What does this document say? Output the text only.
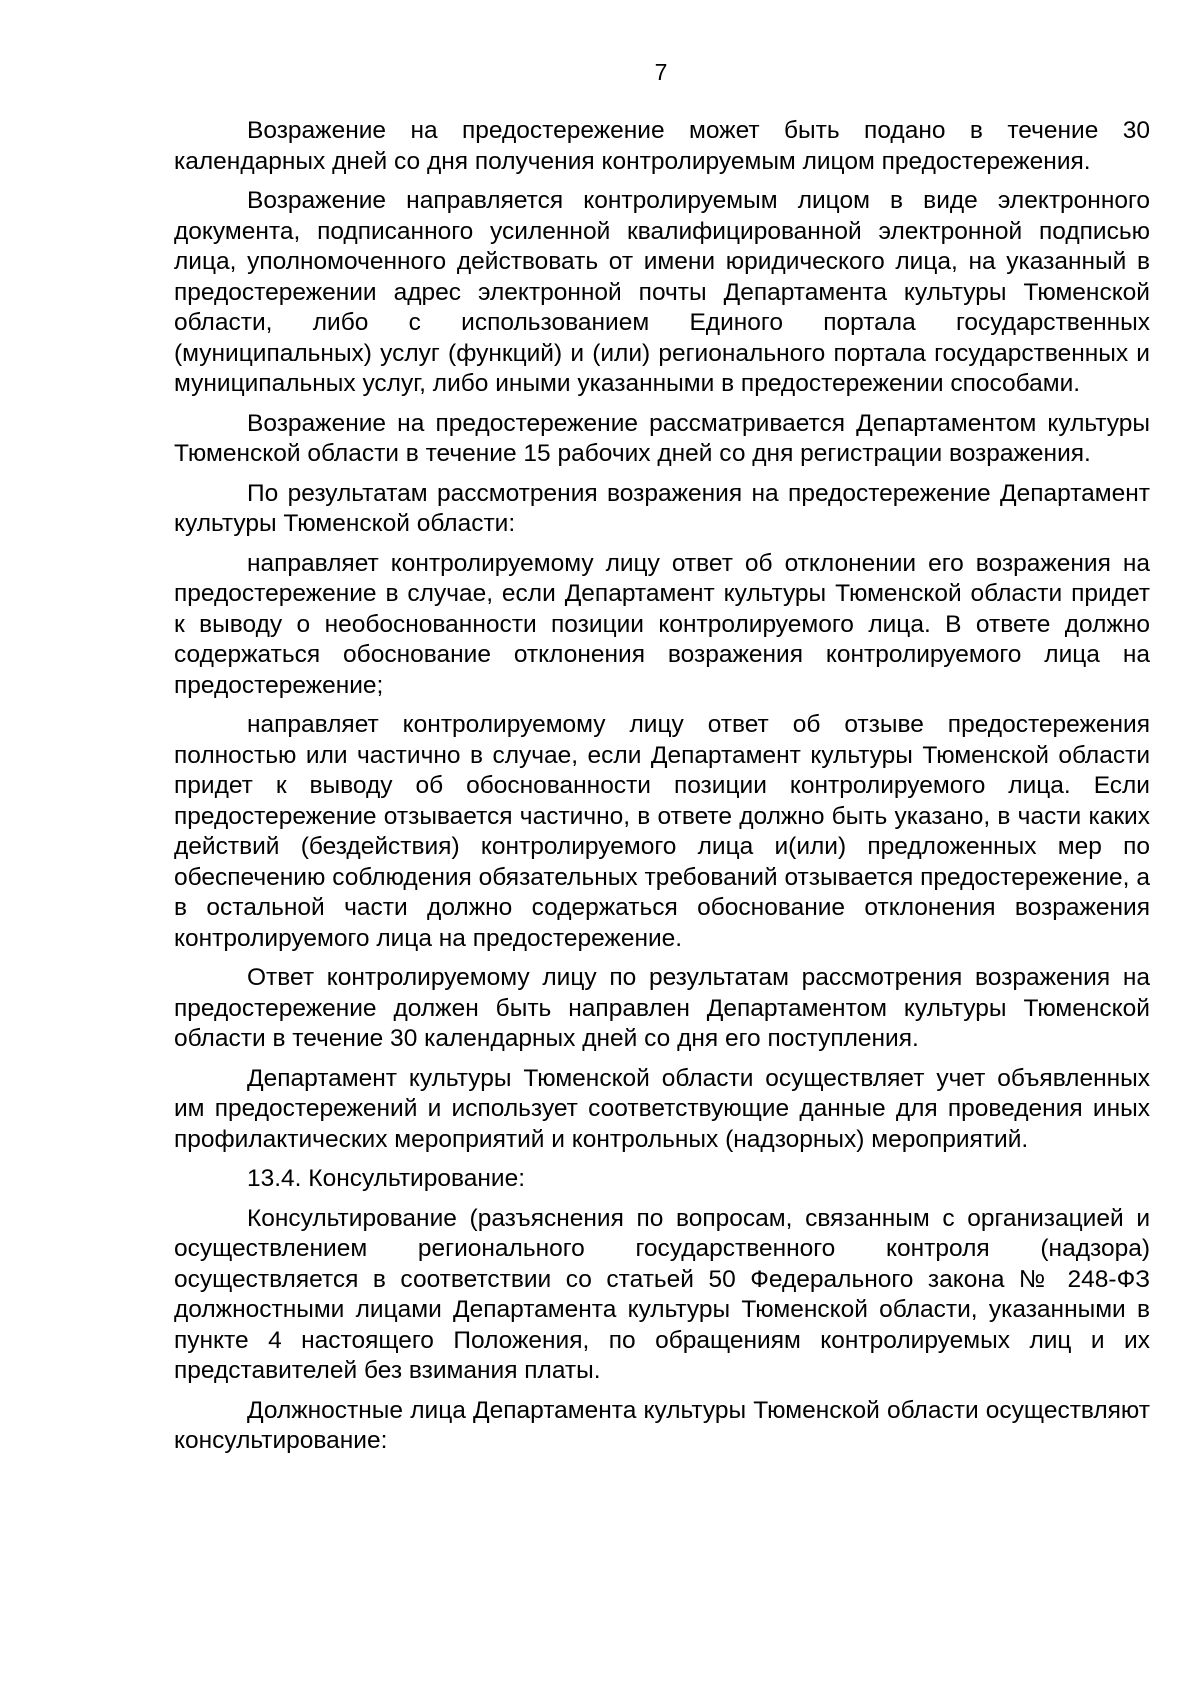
7

Возражение на предостережение может быть подано в течение 30 календарных дней со дня получения контролируемым лицом предостережения.

Возражение направляется контролируемым лицом в виде электронного документа, подписанного усиленной квалифицированной электронной подписью лица, уполномоченного действовать от имени юридического лица, на указанный в предостережении адрес электронной почты Департамента культуры Тюменской области, либо с использованием Единого портала государственных (муниципальных) услуг (функций) и (или) регионального портала государственных и муниципальных услуг, либо иными указанными в предостережении способами.

Возражение на предостережение рассматривается Департаментом культуры Тюменской области в течение 15 рабочих дней со дня регистрации возражения.

По результатам рассмотрения возражения на предостережение Департамент культуры Тюменской области:

направляет контролируемому лицу ответ об отклонении его возражения на предостережение в случае, если Департамент культуры Тюменской области придет к выводу о необоснованности позиции контролируемого лица. В ответе должно содержаться обоснование отклонения возражения контролируемого лица на предостережение;

направляет контролируемому лицу ответ об отзыве предостережения полностью или частично в случае, если Департамент культуры Тюменской области придет к выводу об обоснованности позиции контролируемого лица. Если предостережение отзывается частично, в ответе должно быть указано, в части каких действий (бездействия) контролируемого лица и(или) предложенных мер по обеспечению соблюдения обязательных требований отзывается предостережение, а в остальной части должно содержаться обоснование отклонения возражения контролируемого лица на предостережение.

Ответ контролируемому лицу по результатам рассмотрения возражения на предостережение должен быть направлен Департаментом культуры Тюменской области в течение 30 календарных дней со дня его поступления.

Департамент культуры Тюменской области осуществляет учет объявленных им предостережений и использует соответствующие данные для проведения иных профилактических мероприятий и контрольных (надзорных) мероприятий.

13.4. Консультирование:

Консультирование (разъяснения по вопросам, связанным с организацией и осуществлением регионального государственного контроля (надзора) осуществляется в соответствии со статьей 50 Федерального закона № 248-ФЗ должностными лицами Департамента культуры Тюменской области, указанными в пункте 4 настоящего Положения, по обращениям контролируемых лиц и их представителей без взимания платы.

Должностные лица Департамента культуры Тюменской области осуществляют консультирование:
